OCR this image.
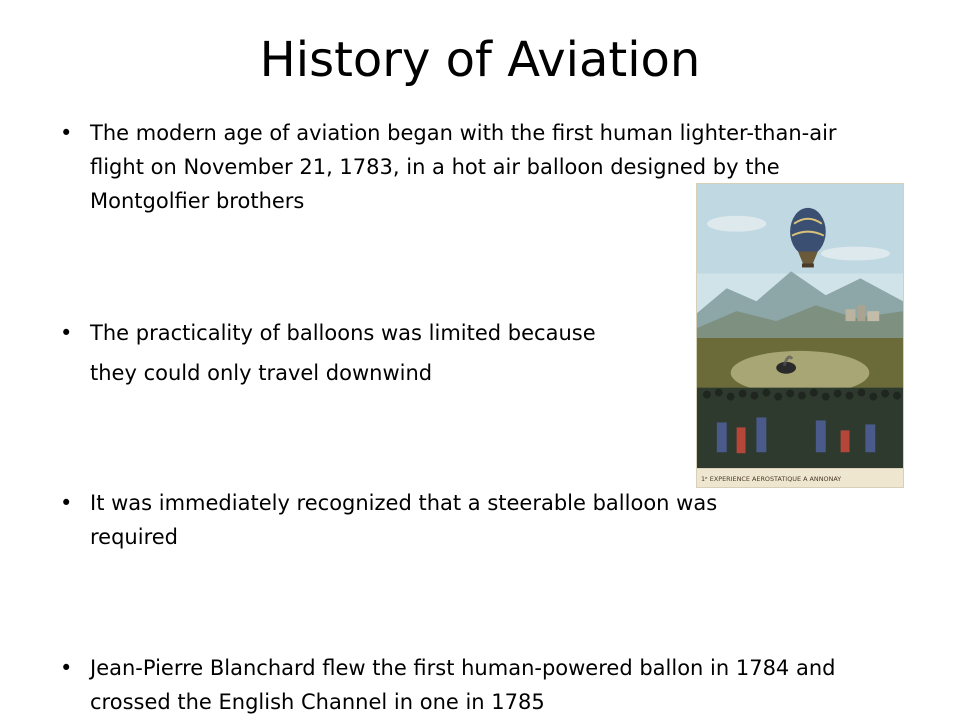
History of Aviation
• The modern age of aviation began with the first human lighter-than-air flight on November 21, 1783, in a hot air balloon designed by the Montgolfier brothers
• The practicality of balloons was limited because
• It was immediately recognized that a steerable balloon was required
• Jean-Pierre Blanchard flew the first human-powered ballon in 1784 and crossed the English Channel in one in 1785
they could only travel downwind
1ᵉ EXPERIENCE AEROSTATIQUE A ANNONAY
